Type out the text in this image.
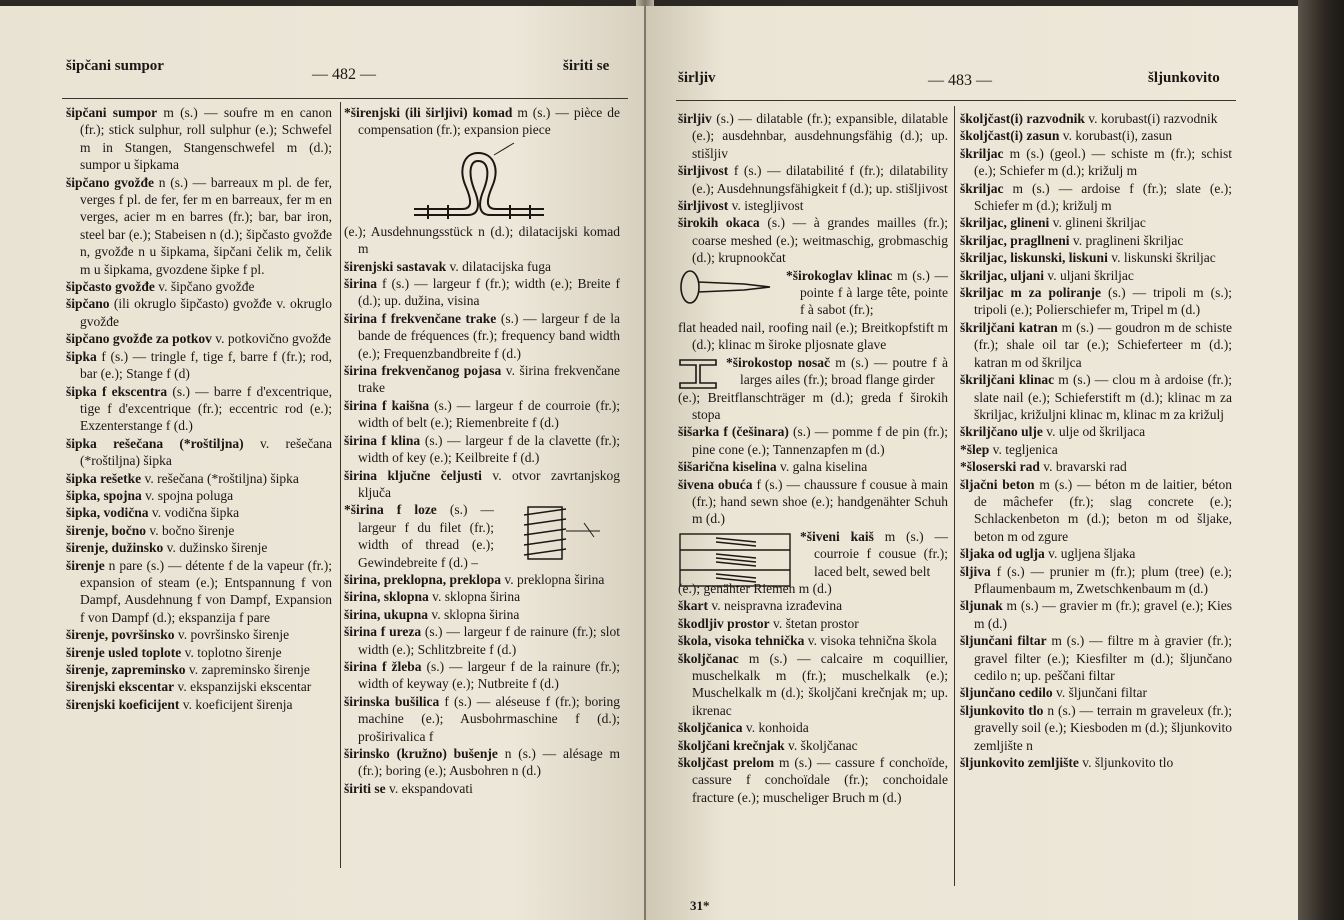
šipčani sumpor	— 482 —	širiti se
šipčani sumpor m (s.) — soufre m en canon (fr.); stick sulphur, roll sulphur (e.); Schwefel m in Stangen, Stangenschwefel m (d.); sumpor u šipkama
šipčano gvožđe n (s.) — barreaux m pl. de fer, verges f pl. de fer, fer m en barreaux, fer m en verges, acier m en barres (fr.); bar, bar iron, steel bar (e.); Stabeisen n (d.); šipčasto gvožđe n, gvožđe n u šipkama, šipčani čelik m, čelik m u šipkama, gvozdene šipke f pl.
šipčasto gvožđe v. šipčano gvožđe
šipčano (ili okruglo šipčasto) gvožđe v. okruglo gvožđe
šipčano gvožđe za potkov v. potkovično gvožđe
šipka f (s.) — tringle f, tige f, barre f (fr.); rod, bar (e.); Stange f (d)
šipka f ekscentra (s.) — barre f d'excentrique, tige f d'excentrique (fr.); eccentric rod (e.); Exzenterstange f (d.)
šipka rešečana (*roštiljna) v. rešečana (*roštiljna) šipka
šipka rešetke v. rešečana (*roštiljna) šipka
šipka, spojna v. spojna poluga
šipka, vodična v. vodična šipka
širenje, bočno v. bočno širenje
širenje, dužinsko v. dužinsko širenje
širenje n pare (s.) — détente f de la vapeur (fr.); expansion of steam (e.); Entspannung f von Dampf, Ausdehnung f von Dampf, Expansion f von Dampf (d.); ekspanzija f pare
širenje, površinsko v. površinsko širenje
širenje usled toplote v. toplotno širenje
širenje, zapreminsko v. zapreminsko širenje
širenjski ekscentar v. ekspanzijski ekscentar
širenjski koeficijent v. koeficijent širenja
*širenjski (ili širljivi) komad m (s.) — pièce de compensation (fr.); expansion piece
(e.); Ausdehnungsstück n (d.); dilatacijski komad m
širenjski sastavak v. dilatacijska fuga
širina f (s.) — largeur f (fr.); width (e.); Breite f (d.); up. dužina, visina
širina f frekvenčane trake (s.) — largeur f de la bande de fréquences (fr.); frequency band width (e.); Frequenzbandbreite f (d.)
širina frekvenčanog pojasa v. širina frekvenčane trake
širina f kaišna (s.) — largeur f de courroie (fr.); width of belt (e.); Riemenbreite f (d.)
širina f klina (s.) — largeur f de la clavette (fr.); width of key (e.); Keilbreite f (d.)
širina ključne čeljusti v. otvor zavrtanjskog ključa
*širina f loze (s.) — largeur f du filet (fr.); width of thread (e.); Gewindebreite f (d.) –
širina, preklopna, preklopa v. preklopna širina
širina, sklopna v. sklopna širina
širina, ukupna v. sklopna širina
širina f ureza (s.) — largeur f de rainure (fr.); slot width (e.); Schlitzbreite f (d.)
širina f žleba (s.) — largeur f de la rainure (fr.); width of keyway (e.); Nutbreite f (d.)
širinska bušilica f (s.) — aléseuse f (fr.); boring machine (e.); Ausbohrmaschine f (d.); proširivalica f
širinsko (kružno) bušenje n (s.) — alésage m (fr.); boring (e.); Ausbohren n (d.)
širiti se v. ekspandovati
širljiv	— 483 —	šljunkovito
širljiv (s.) — dilatable (fr.); expansible, dilatable (e.); ausdehnbar, ausdehnungsfähig (d.); up. stišljiv
širljivost f (s.) — dilatabilité f (fr.); dilatability (e.); Ausdehnungsfähigkeit f (d.); up. stišljivost
širljivost v. istegljivost
širokih okaca (s.) — à grandes mailles (fr.); coarse meshed (e.); weitmaschig, grobmaschig (d.); krupnookčat
*širokoglav klinac m (s.) — pointe f à large tête, pointe f à sabot (fr.);
flat headed nail, roofing nail (e.); Breitkopfstift m (d.); klinac m široke pljosnate glave
*širokostop nosač m (s.) — poutre f à larges ailes (fr.); broad flange girder
(e.); Breitflanschträger m (d.); greda f širokih stopa
šišarka f (češinara) (s.) — pomme f de pin (fr.); pine cone (e.); Tannenzapfen m (d.)
šišarična kiselina v. galna kiselina
šivena obuća f (s.) — chaussure f cousue à main (fr.); hand sewn shoe (e.); handgenähter Schuh m (d.)
*šiveni kaiš m (s.) — courroie f cousue (fr.); laced belt, sewed belt
(e.); genähter Riemen m (d.)
škart v. neispravna izrađevina
škodljiv prostor v. štetan prostor
škola, visoka tehnička v. visoka tehnična škola
školjčanac m (s.) — calcaire m coquillier, muschelkalk m (fr.); muschelkalk (e.); Muschelkalk m (d.); školjčani krečnjak m; up. ikrenac
školjčanica v. konhoida
školjčani krečnjak v. školjčanac
školjčast prelom m (s.) — cassure f conchoïde, cassure f conchoïdale (fr.); conchoidale fracture (e.); muscheliger Bruch m (d.)
školjčast(i) razvodnik v. korubast(i) razvodnik
školjčast(i) zasun v. korubast(i), zasun
škriljac m (s.) (geol.) — schiste m (fr.); schist (e.); Schiefer m (d.); križulj m
škriljac m (s.) — ardoise f (fr.); slate (e.); Schiefer m (d.); križulj m
škriljac, glineni v. glineni škriljac
škriljac, pragllneni v. praglineni škriljac
škriljac, liskunski, liskuni v. liskunski škriljac
škriljac, uljani v. uljani škriljac
škriljac m za poliranje (s.) — tripoli m (s.); tripoli (e.); Polierschiefer m, Tripel m (d.)
škriljčani katran m (s.) — goudron m de schiste (fr.); shale oil tar (e.); Schieferteer m (d.); katran m od škriljca
škriljčani klinac m (s.) — clou m à ardoise (fr.); slate nail (e.); Schieferstift m (d.); klinac m za škriljac, križuljni klinac m, klinac m za križulj
škriljčano ulje v. ulje od škriljaca
*šlep v. tegljenica
*šloserski rad v. bravarski rad
šljačni beton m (s.) — béton m de laitier, béton de mâchefer (fr.); slag concrete (e.); Schlackenbeton m (d.); beton m od šljake, beton m od zgure
šljaka od uglja v. ugljena šljaka
šljiva f (s.) — prunier m (fr.); plum (tree) (e.); Pflaumenbaum m, Zwetschkenbaum m (d.)
šljunak m (s.) — gravier m (fr.); gravel (e.); Kies m (d.)
šljunčani filtar m (s.) — filtre m à gravier (fr.); gravel filter (e.); Kiesfilter m (d.); šljunčano cedilo n; up. peščani filtar
šljunčano cedilo v. šljunčani filtar
šljunkovito tlo n (s.) — terrain m graveleux (fr.); gravelly soil (e.); Kiesboden m (d.); šljunkovito zemljište n
šljunkovito zemljište v. šljunkovito tlo
31*
